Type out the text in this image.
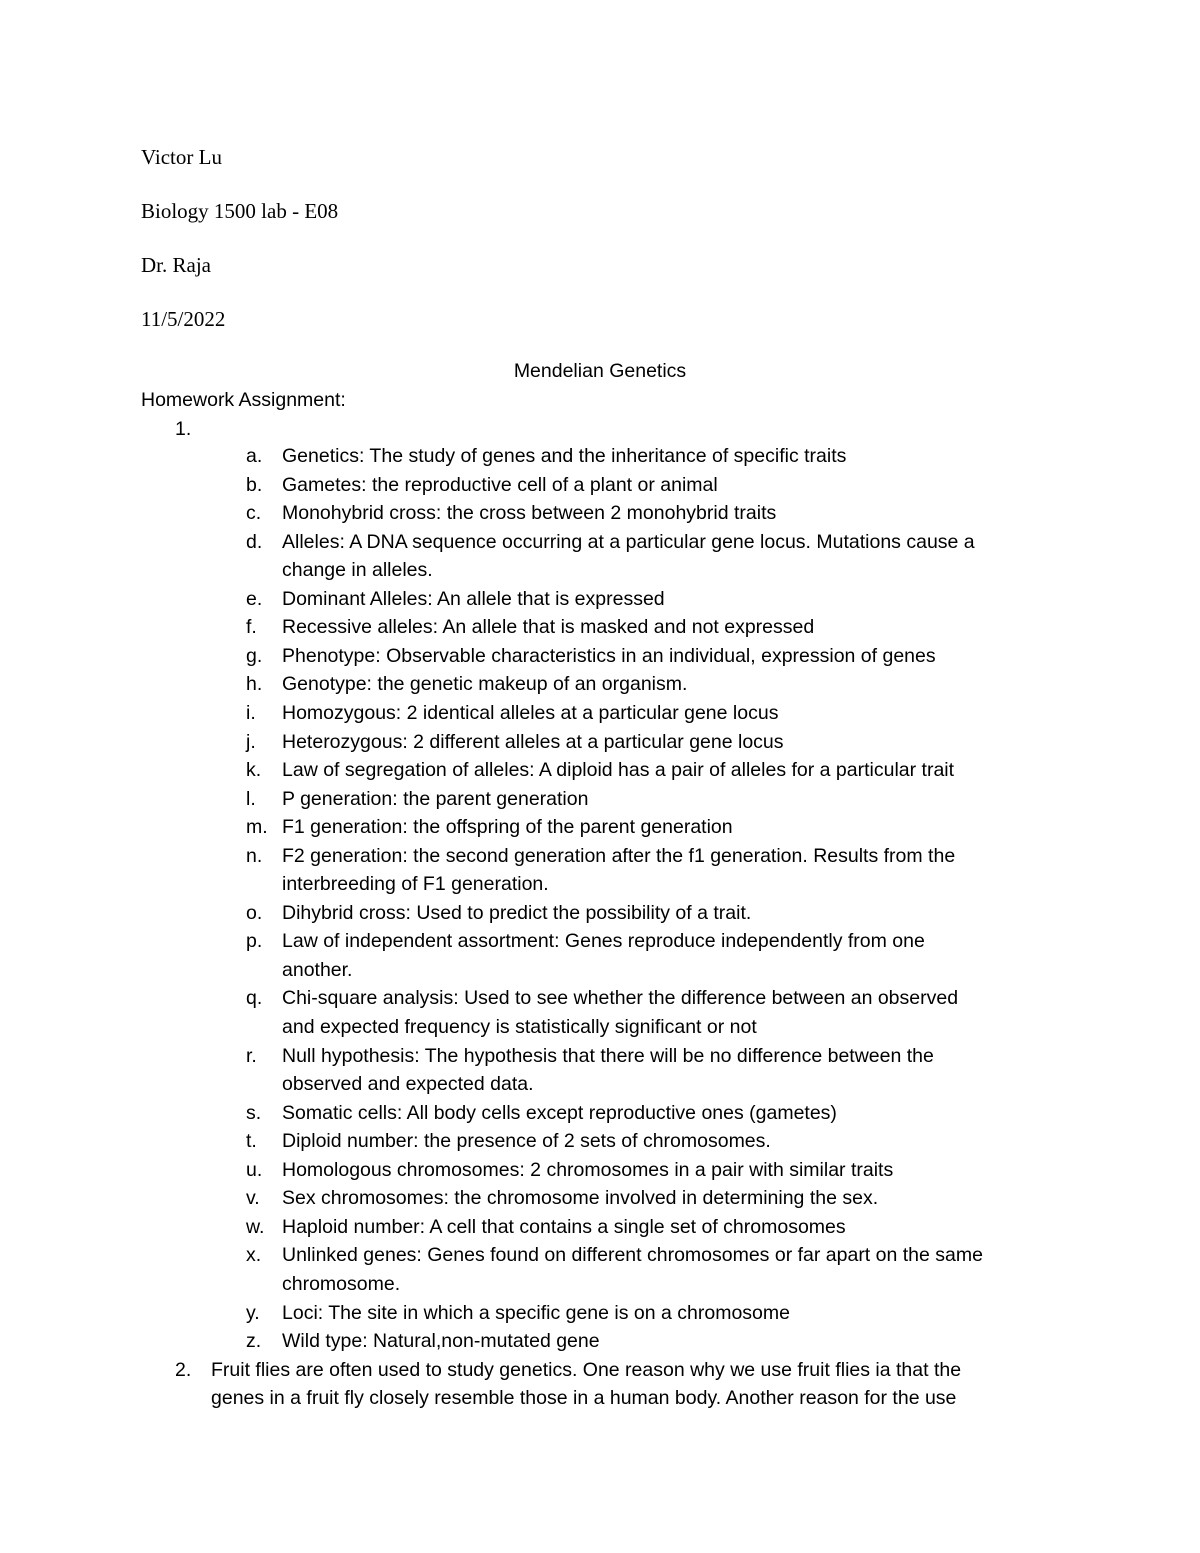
Victor Lu
Biology 1500 lab - E08
Dr. Raja
11/5/2022
Mendelian Genetics
Homework Assignment:
1.
a. Genetics: The study of genes and the inheritance of specific traits
b. Gametes: the reproductive cell of a plant or animal
c. Monohybrid cross: the cross between 2 monohybrid traits
d. Alleles: A DNA sequence occurring at a particular gene locus. Mutations cause a
change in alleles.
e. Dominant Alleles: An allele that is expressed
f. Recessive alleles: An allele that is masked and not expressed
g. Phenotype: Observable characteristics in an individual, expression of genes
h. Genotype: the genetic makeup of an organism.
i. Homozygous: 2 identical alleles at a particular gene locus
j. Heterozygous: 2 different alleles at a particular gene locus
k. Law of segregation of alleles: A diploid has a pair of alleles for a particular trait
l. P generation: the parent generation
m. F1 generation: the offspring of the parent generation
n. F2 generation: the second generation after the f1 generation. Results from the
interbreeding of F1 generation.
o. Dihybrid cross: Used to predict the possibility of a trait.
p. Law of independent assortment: Genes reproduce independently from one
another.
q. Chi-square analysis: Used to see whether the difference between an observed
and expected frequency is statistically significant or not
r. Null hypothesis: The hypothesis that there will be no difference between the
observed and expected data.
s. Somatic cells: All body cells except reproductive ones (gametes)
t. Diploid number: the presence of 2 sets of chromosomes.
u. Homologous chromosomes: 2 chromosomes in a pair with similar traits
v. Sex chromosomes: the chromosome involved in determining the sex.
w. Haploid number: A cell that contains a single set of chromosomes
x. Unlinked genes: Genes found on different chromosomes or far apart on the same
chromosome.
y. Loci: The site in which a specific gene is on a chromosome
z. Wild type: Natural,non-mutated gene
2. Fruit flies are often used to study genetics. One reason why we use fruit flies ia that the
genes in a fruit fly closely resemble those in a human body. Another reason for the use
